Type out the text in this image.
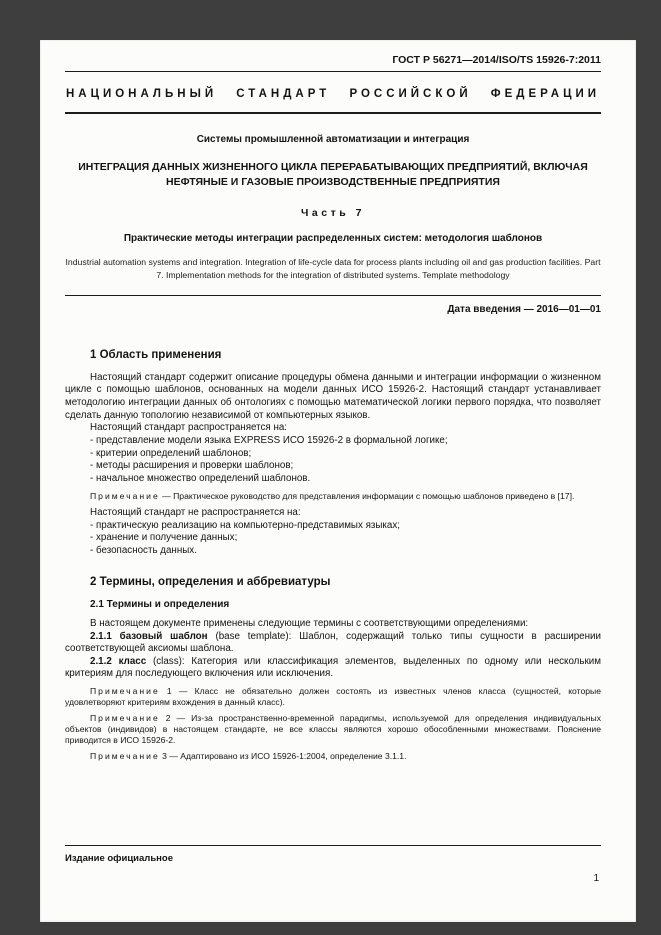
ГОСТ Р 56271—2014/ISO/TS 15926-7:2011
НАЦИОНАЛЬНЫЙ СТАНДАРТ РОССИЙСКОЙ ФЕДЕРАЦИИ
Системы промышленной автоматизации и интеграция
ИНТЕГРАЦИЯ ДАННЫХ ЖИЗНЕННОГО ЦИКЛА ПЕРЕРАБАТЫВАЮЩИХ ПРЕДПРИЯТИЙ, ВКЛЮЧАЯ НЕФТЯНЫЕ И ГАЗОВЫЕ ПРОИЗВОДСТВЕННЫЕ ПРЕДПРИЯТИЯ
Часть 7
Практические методы интеграции распределенных систем: методология шаблонов
Industrial automation systems and integration. Integration of life-cycle data for process plants including oil and gas production facilities. Part 7. Implementation methods for the integration of distributed systems. Template methodology
Дата введения — 2016—01—01
1 Область применения

Настоящий стандарт содержит описание процедуры обмена данными и интеграции информации о жизненном цикле с помощью шаблонов, основанных на модели данных ИСО 15926-2. Настоящий стандарт устанавливает методологию интеграции данных об онтологиях с помощью математической логики первого порядка, что позволяет сделать данную топологию независимой от компьютерных языков.

Настоящий стандарт распространяется на:

- представление модели языка EXPRESS ИСО 15926-2 в формальной логике;

- критерии определений шаблонов;

- методы расширения и проверки шаблонов;

- начальное множество определений шаблонов.

Примечание — Практическое руководство для представления информации с помощью шаблонов приведено в [17].

Настоящий стандарт не распространяется на:

- практическую реализацию на компьютерно-представимых языках;

- хранение и получение данных;

- безопасность данных.

2 Термины, определения и аббревиатуры
2.1 Термины и определения

В настоящем документе применены следующие термины с соответствующими определениями:

2.1.1 базовый шаблон (base template): Шаблон, содержащий только типы сущности в расширении соответствующей аксиомы шаблона.

2.1.2 класс (class): Категория или классификация элементов, выделенных по одному или нескольким критериям для последующего включения или исключения.

Примечание 1 — Класс не обязательно должен состоять из известных членов класса (сущностей, которые удовлетворяют критериям вхождения в данный класс).

Примечание 2 — Из-за пространственно-временной парадигмы, используемой для определения индивидуальных объектов (индивидов) в настоящем стандарте, не все классы являются хорошо обособленными множествами. Пояснение приводится в ИСО 15926-2.

Примечание 3 — Адаптировано из ИСО 15926-1:2004, определение 3.1.1.

Издание официальное
1
